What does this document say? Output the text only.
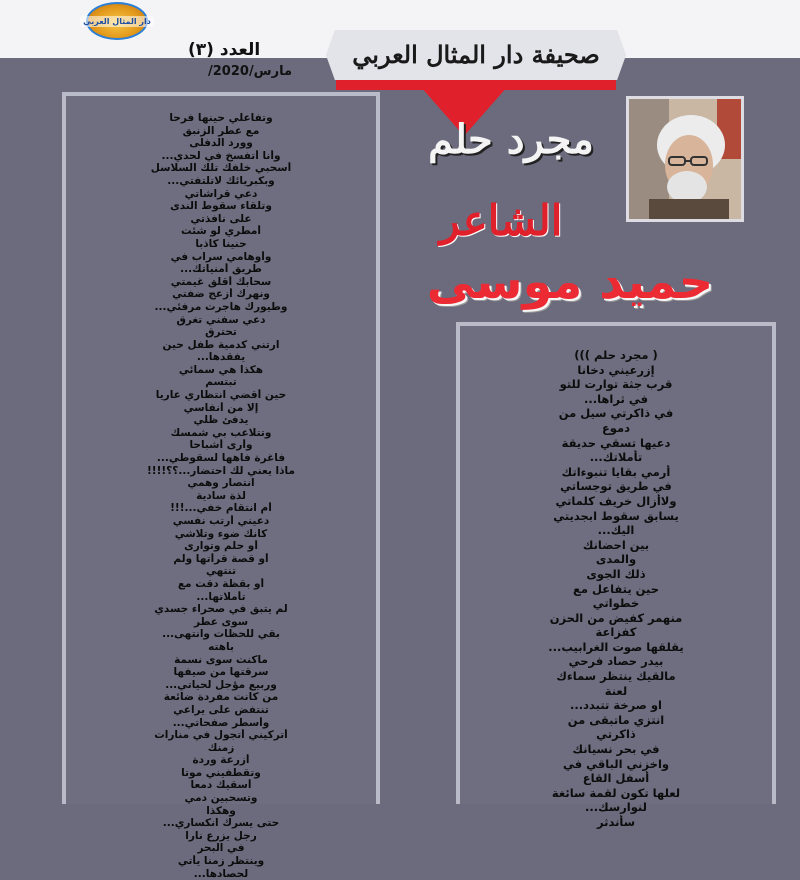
دار المثال العربي
صحيفة دار المثال العربي
العدد (٣)
مارس/2020/
وتفاعلي حينها فرحا
مع عطر الزنبق
وورد الدفلى
وأنا أتفسخ في لحدي...
أسحبي خلفك تلك السلاسل
وبكبريائك لاتلتفتي...
دعي قراشاتي
وتلقاء سقوط الندى
على نافذتي
أمطري لو شئت
حنينا كاذبا
وأوهامي سراب في
طريق أمنياتك...
سحابك أقلق غيمتي
ونهرك أزعج ضفتي
وطيورك هاجرت مرفئي...
دعي سفني تغرق
تحترق
ارتني كدمية طفل حين
يفقدها...
هكذا هي سمائي
تبتسم
حين أقضي انتظاري عاريا
إلا من أنفاسي
يدفئ ظلي
وتتلاعب بي شمسك
وأرى أشباحا
فاغرة فاهها لسقوطي...
ماذا يعني لك احتضار...؟؟!!!!
انتصار وهمي
لذة سادية
أم انتقام خفي...!!!
دعيني أرتب نفسي
كانك ضوء وتلاشي
أو حلم وتوارى
أو قصة قرأتها ولم
تنتهي
أو بقظة دقت مع
تأملاتها...
لم يتبق في صحراء جسدي
سوى عطر
بقي للحظات وانتهى...
باهته
ماكنت سوى نسمة
سرقتها من صيفها
وربيع مؤجل لحياتي...
من كانت مفردة ضائعة
تنتفض على يراعي
وأسطر صفحاتي...
أتركيني أتجول في منارات
زمنك
أزرعة وردة
وتقطفيني موتا
أسقيك دمعا
وتسحبين دمي
وهكذا
حتى يسرك انكساري...
رجل يزرع نارا
في البحر
وينتظر زمنا يأتي
لحصادها...
مجرد حلم
الشاعر
حميد موسى
( مجرد حلم )))
إزرعيني دخانا
قرب جثة توارت للتو
في ثراها...
في ذاكرتي سيل من
دموع
دعيها تسقي حديقة
تأملاتك...
أرمي بقايا تنبوءاتك
في طريق توجساتي
ولاأزال خريف كلماتي
يسابق سقوط ابجديتي
اليك...
بين احضانك
والمدى
ذلك الجوى
حين يتفاعل مع
خطواتي
منهمر كفيض من الحزن
كفزاعة
يقلقها صوت الغرابيب...
بيدر حصاد فرحي
مالقيك ينتظر سماءك
لعنة
او صرخة تتبدد...
انتزي ماتبقى من
ذاكرتي
في بحر نسيانك
واخزني الباقي في
أسفل القاع
لعلها تكون لقمة سائغة
لنوارسك...
سأندثر
